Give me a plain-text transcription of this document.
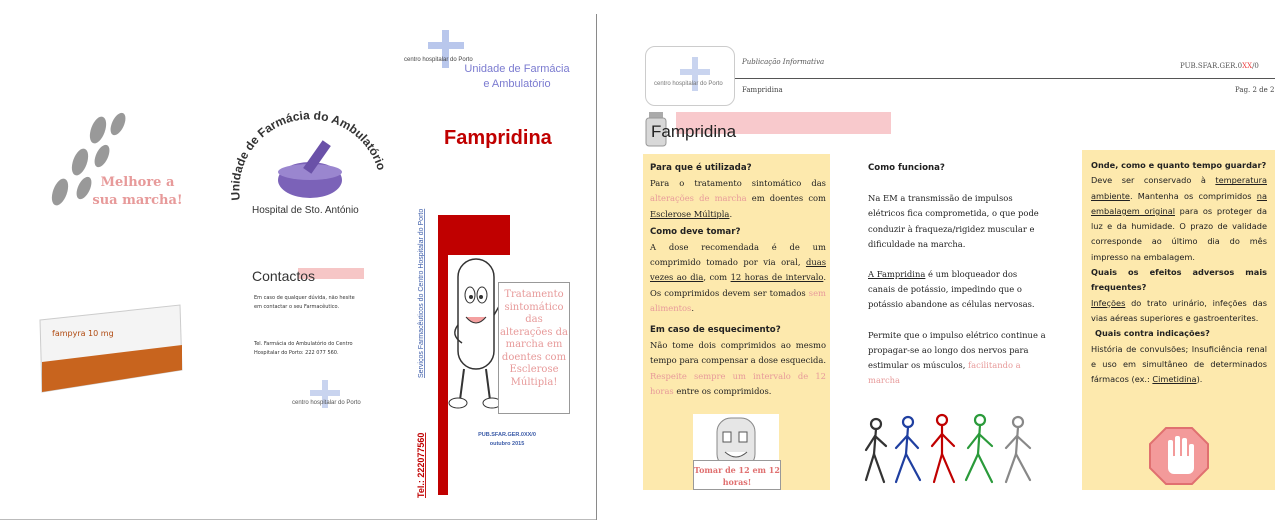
Melhore a sua marcha!
fampyra 10 mg
Unidade de Farmácia do Ambulatório
Hospital de Sto. António
Contactos
Em caso de qualquer dúvida, não hesite em contactar o seu Farmacêutico.
Tel. Farmácia do Ambulatório do Centro Hospitalar do Porto: 222 077 560.
centro hospitalar do Porto
centro hospitalar do Porto
Unidade de Farmácia e Ambulatório
Fampridina
Serviços Farmacêuticos do Centro Hospitalar do Porto
Tel.: 222077560
Tratamento sintomático das alterações da marcha em doentes com Esclerose Múltipla!
PUB.SFAR.GER.0XX/0
outubro 2015
centro hospitalar do Porto
Publicação Informativa	PUB.SFAR.GER.0XX/0
Fampridina	Pag. 2 de 2
Fampridina
Para que é utilizada?
Para o tratamento sintomático das alterações de marcha em doentes com Esclerose Múltipla.
Como deve tomar?
A dose recomendada é de um comprimido tomado por via oral, duas vezes ao dia, com 12 horas de intervalo. Os comprimidos devem ser tomados sem alimentos.
Em caso de esquecimento?
Não tome dois comprimidos ao mesmo tempo para compensar a dose esquecida. Respeite sempre um intervalo de 12 horas entre os comprimidos.
Tomar de 12 em 12 horas!
Como funciona?
Na EM a transmissão de impulsos elétricos fica comprometida, o que pode conduzir à fraqueza/rigidez muscular e dificuldade na marcha.
A Fampridina é um bloqueador dos canais de potássio, impedindo que o potássio abandone as células nervosas.
Permite que o impulso elétrico continue a propagar-se ao longo dos nervos para estimular os músculos, facilitando a marcha
Onde, como e quanto tempo guardar?
Deve ser conservado à temperatura ambiente. Mantenha os comprimidos na embalagem original para os proteger da luz e da humidade. O prazo de validade corresponde ao último dia do mês impresso na embalagem.
Quais os efeitos adversos mais frequentes?
Infeções do trato urinário, infeções das vias aéreas superiores e gastroenterites.
Quais contra indicações?
História de convulsões; Insuficiência renal e uso em simultâneo de determinados fármacos (ex.: Cimetidina).
